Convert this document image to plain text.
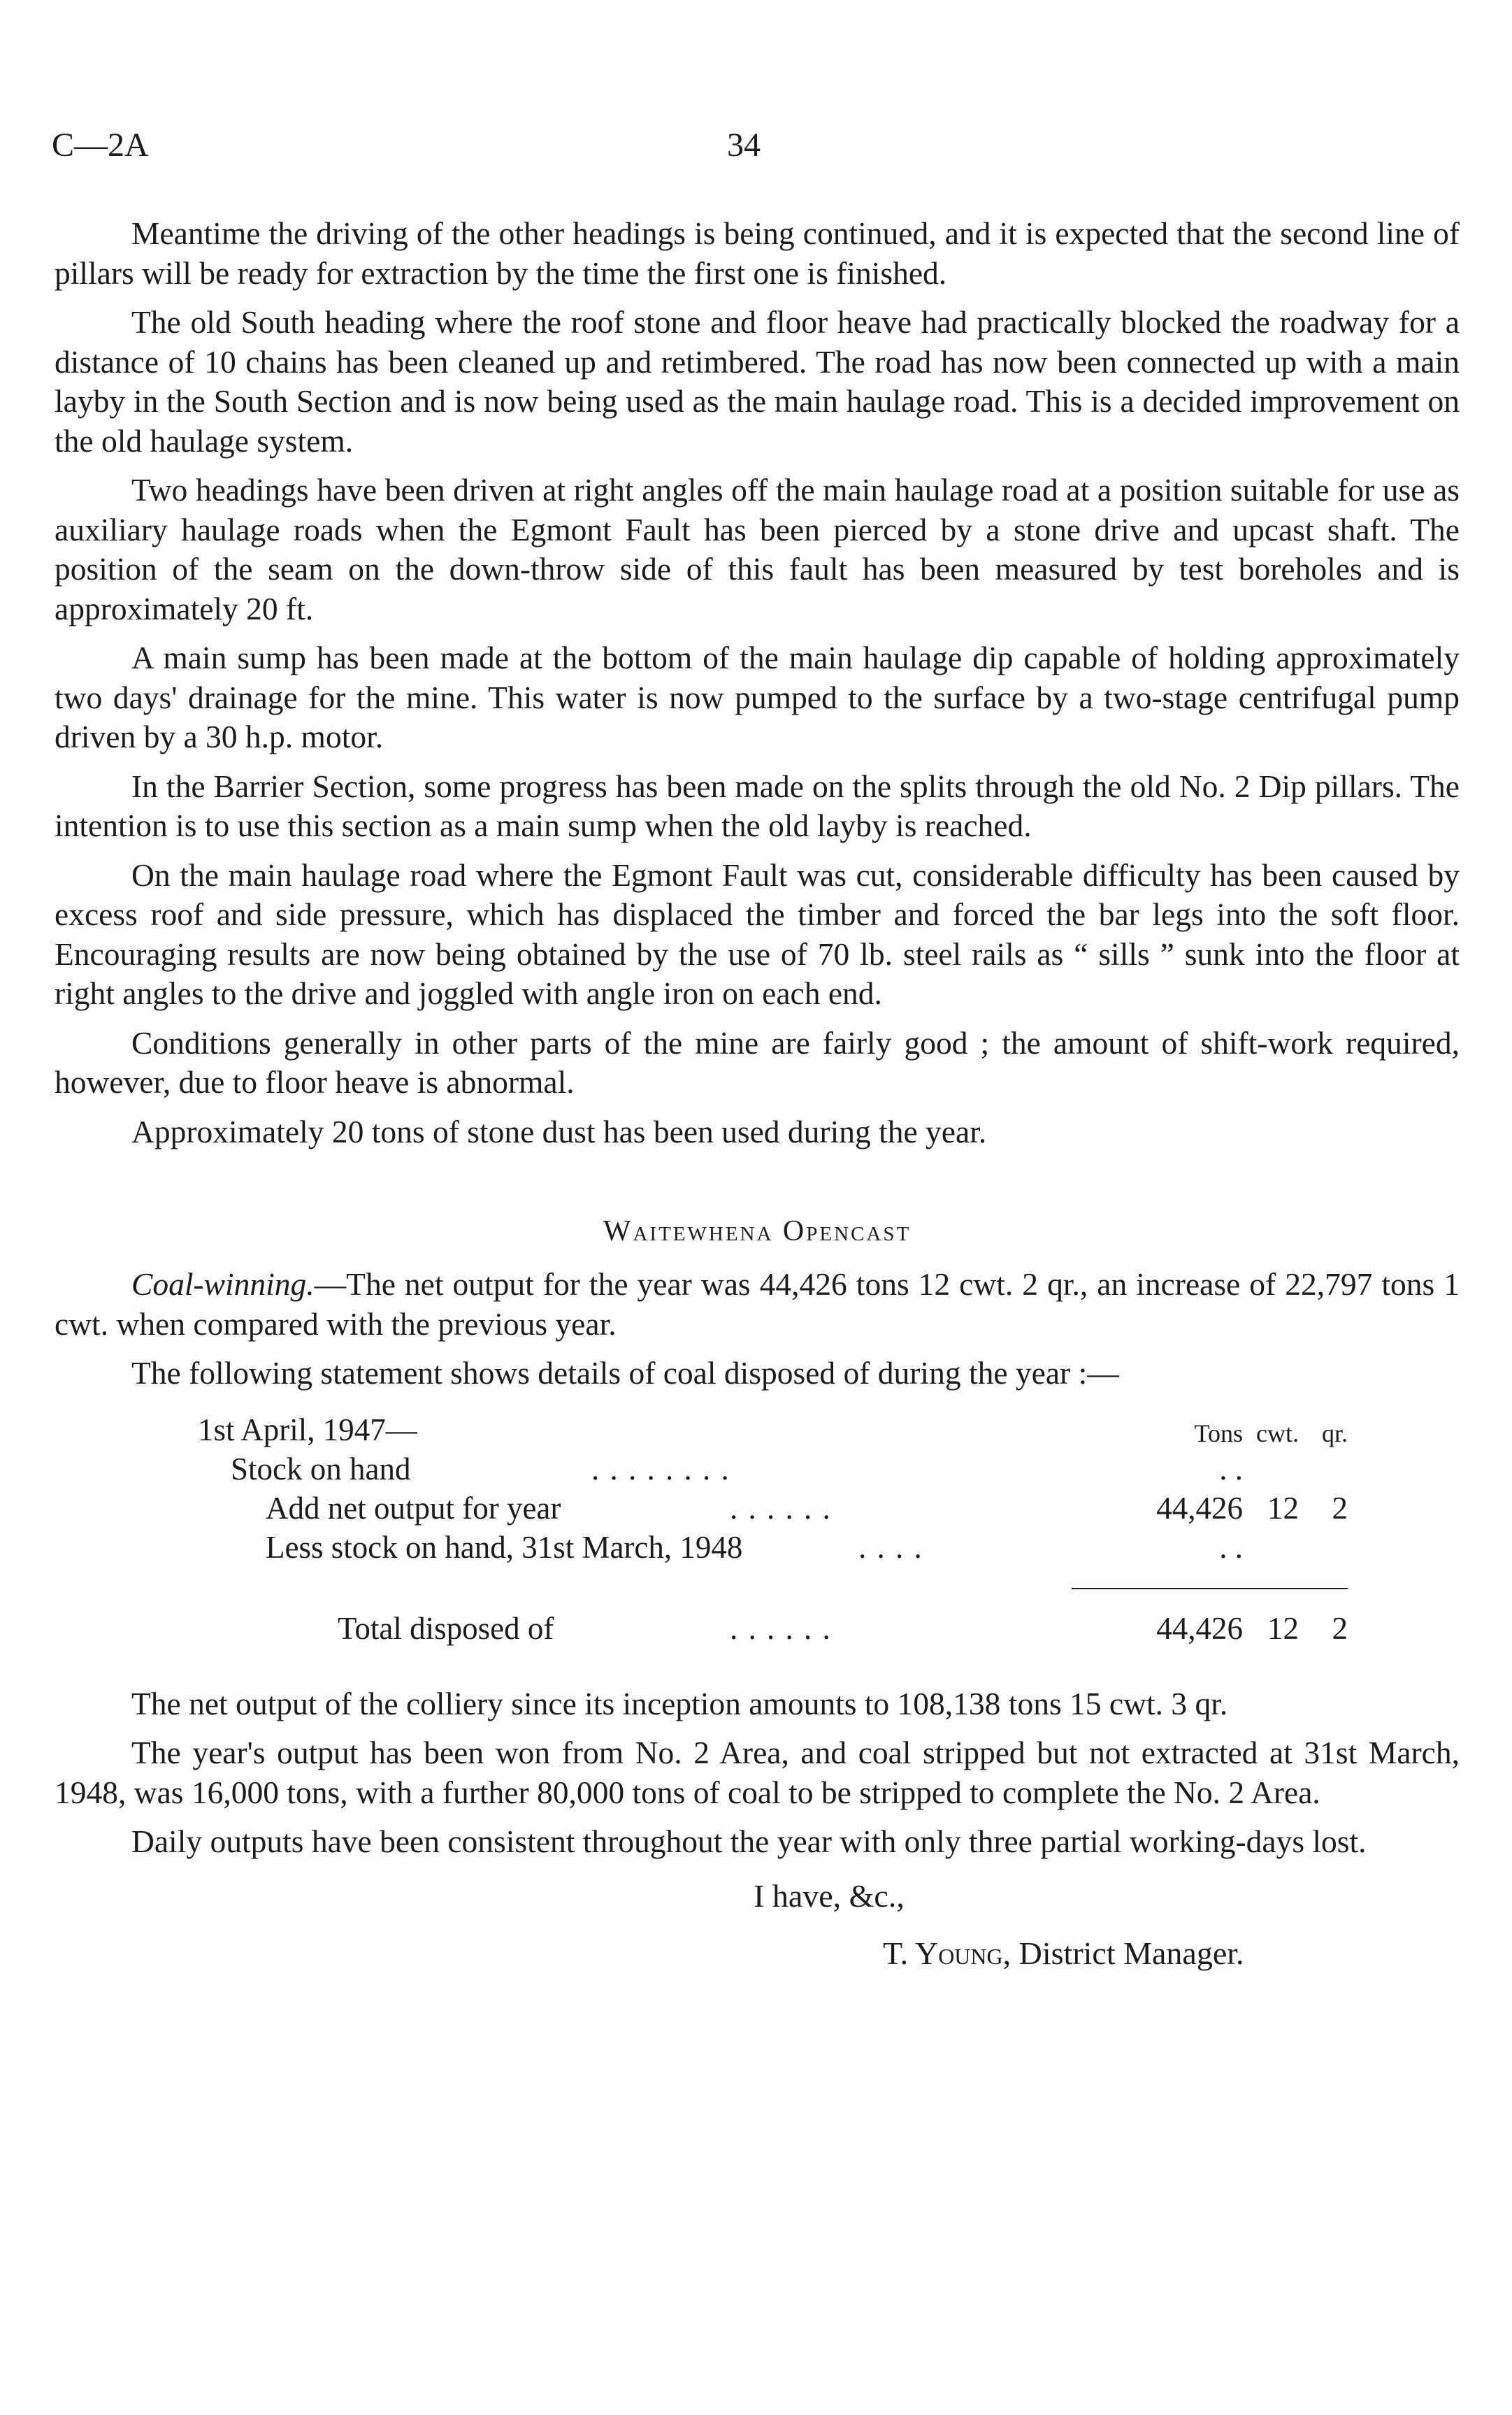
C—2A	34

Meantime the driving of the other headings is being continued, and it is expected that the second line of pillars will be ready for extraction by the time the first one is finished.

The old South heading where the roof stone and floor heave had practically blocked the roadway for a distance of 10 chains has been cleaned up and retimbered. The road has now been connected up with a main layby in the South Section and is now being used as the main haulage road. This is a decided improvement on the old haulage system.

Two headings have been driven at right angles off the main haulage road at a position suitable for use as auxiliary haulage roads when the Egmont Fault has been pierced by a stone drive and upcast shaft. The position of the seam on the down-throw side of this fault has been measured by test boreholes and is approximately 20 ft.

A main sump has been made at the bottom of the main haulage dip capable of holding approximately two days' drainage for the mine. This water is now pumped to the surface by a two-stage centrifugal pump driven by a 30 h.p. motor.

In the Barrier Section, some progress has been made on the splits through the old No. 2 Dip pillars. The intention is to use this section as a main sump when the old layby is reached.

On the main haulage road where the Egmont Fault was cut, considerable difficulty has been caused by excess roof and side pressure, which has displaced the timber and forced the bar legs into the soft floor. Encouraging results are now being obtained by the use of 70 lb. steel rails as “ sills ” sunk into the floor at right angles to the drive and joggled with angle iron on each end.

Conditions generally in other parts of the mine are fairly good ; the amount of shift-work required, however, due to floor heave is abnormal.

Approximately 20 tons of stone dust has been used during the year.

Waitewhena Opencast

Coal-winning.—The net output for the year was 44,426 tons 12 cwt. 2 qr., an increase of 22,797 tons 1 cwt. when compared with the previous year.

The following statement shows details of coal disposed of during the year :—

1st April, 1947—	Tons cwt. qr.
Stock on hand	. . . . . . . .	. .
Add net output for year	. . . . . .	44,426 12	2
Less stock on hand, 31st March, 1948	. . . .	. .
Total disposed of	. . . . . .	44,426 12	2

The net output of the colliery since its inception amounts to 108,138 tons 15 cwt. 3 qr.

The year's output has been won from No. 2 Area, and coal stripped but not extracted at 31st March, 1948, was 16,000 tons, with a further 80,000 tons of coal to be stripped to complete the No. 2 Area.

Daily outputs have been consistent throughout the year with only three partial working-days lost.

I have, &c.,
T. Young, District Manager.
